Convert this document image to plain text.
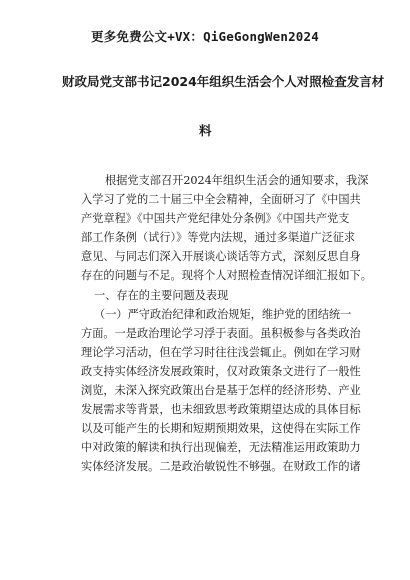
更多免费公文+VX：QiGeGongWen2024
财政局党支部书记2024年组织生活会个人对照检查发言材
料
根据党支部召开2024年组织生活会的通知要求，我深
入学习了党的二十届三中全会精神，全面研习了《中国共
产党章程》《中国共产党纪律处分条例》《中国共产党支
部工作条例（试行）》等党内法规，通过多渠道广泛征求
意见、与同志们深入开展谈心谈话等方式，深刻反思自身
存在的问题与不足。现将个人对照检查情况详细汇报如下。
一、存在的主要问题及表现
（一）严守政治纪律和政治规矩，维护党的团结统一
方面。一是政治理论学习浮于表面。虽积极参与各类政治
理论学习活动，但在学习时往往浅尝辄止。例如在学习财
政支持实体经济发展政策时，仅对政策条文进行了一般性
浏览，未深入探究政策出台是基于怎样的经济形势、产业
发展需求等背景，也未细致思考政策期望达成的具体目标
以及可能产生的长期和短期预期效果，这使得在实际工作
中对政策的解读和执行出现偏差，无法精准运用政策助力
实体经济发展。二是政治敏锐性不够强。在财政工作的诸
